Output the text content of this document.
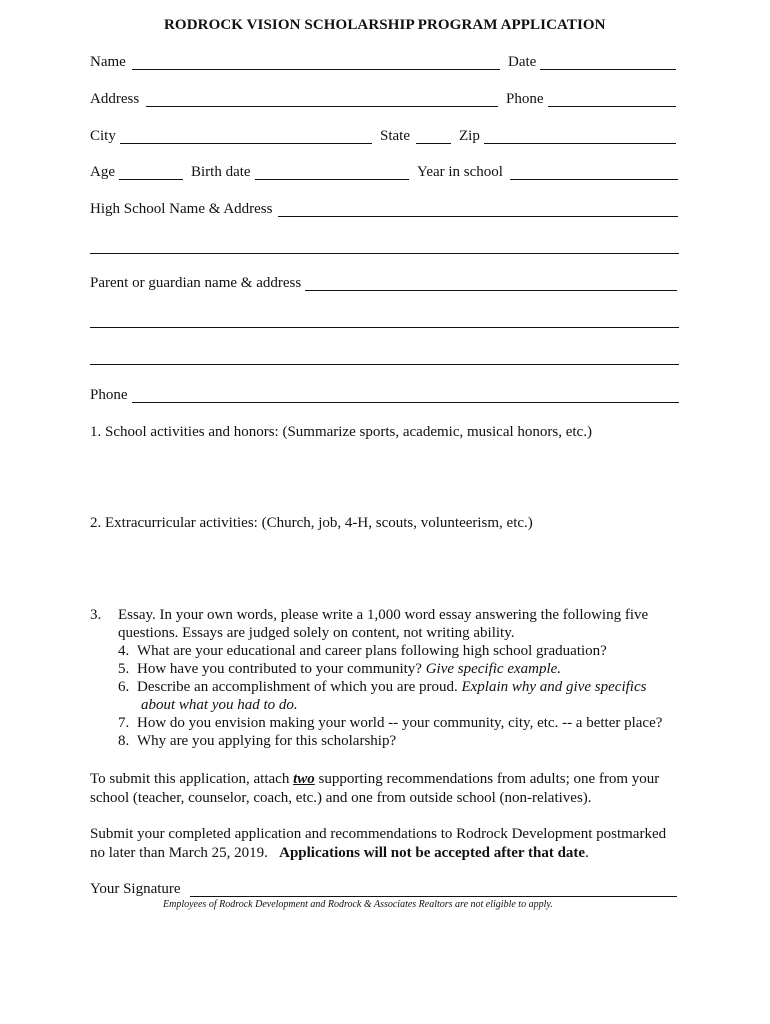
RODROCK VISION SCHOLARSHIP PROGRAM APPLICATION
Name	Date
Address	Phone
City	State	Zip
Age	Birth date	Year in school
High School Name & Address
Parent or guardian name & address
Phone
1. School activities and honors: (Summarize sports, academic, musical honors, etc.)
2. Extracurricular activities: (Church, job, 4-H, scouts, volunteerism, etc.)
3. Essay. In your own words, please write a 1,000 word essay answering the following five
questions. Essays are judged solely on content, not writing ability.
4. What are your educational and career plans following high school graduation?
5. How have you contributed to your community? Give specific example.
6. Describe an accomplishment of which you are proud. Explain why and give specifics
about what you had to do.
7. How do you envision making your world -- your community, city, etc. -- a better place?
8. Why are you applying for this scholarship?
To submit this application, attach two supporting recommendations from adults; one from your
school (teacher, counselor, coach, etc.) and one from outside school (non-relatives).
Submit your completed application and recommendations to Rodrock Development postmarked
no later than March 25, 2019.   Applications will not be accepted after that date.
Your Signature
Employees of Rodrock Development and Rodrock & Associates Realtors are not eligible to apply.
